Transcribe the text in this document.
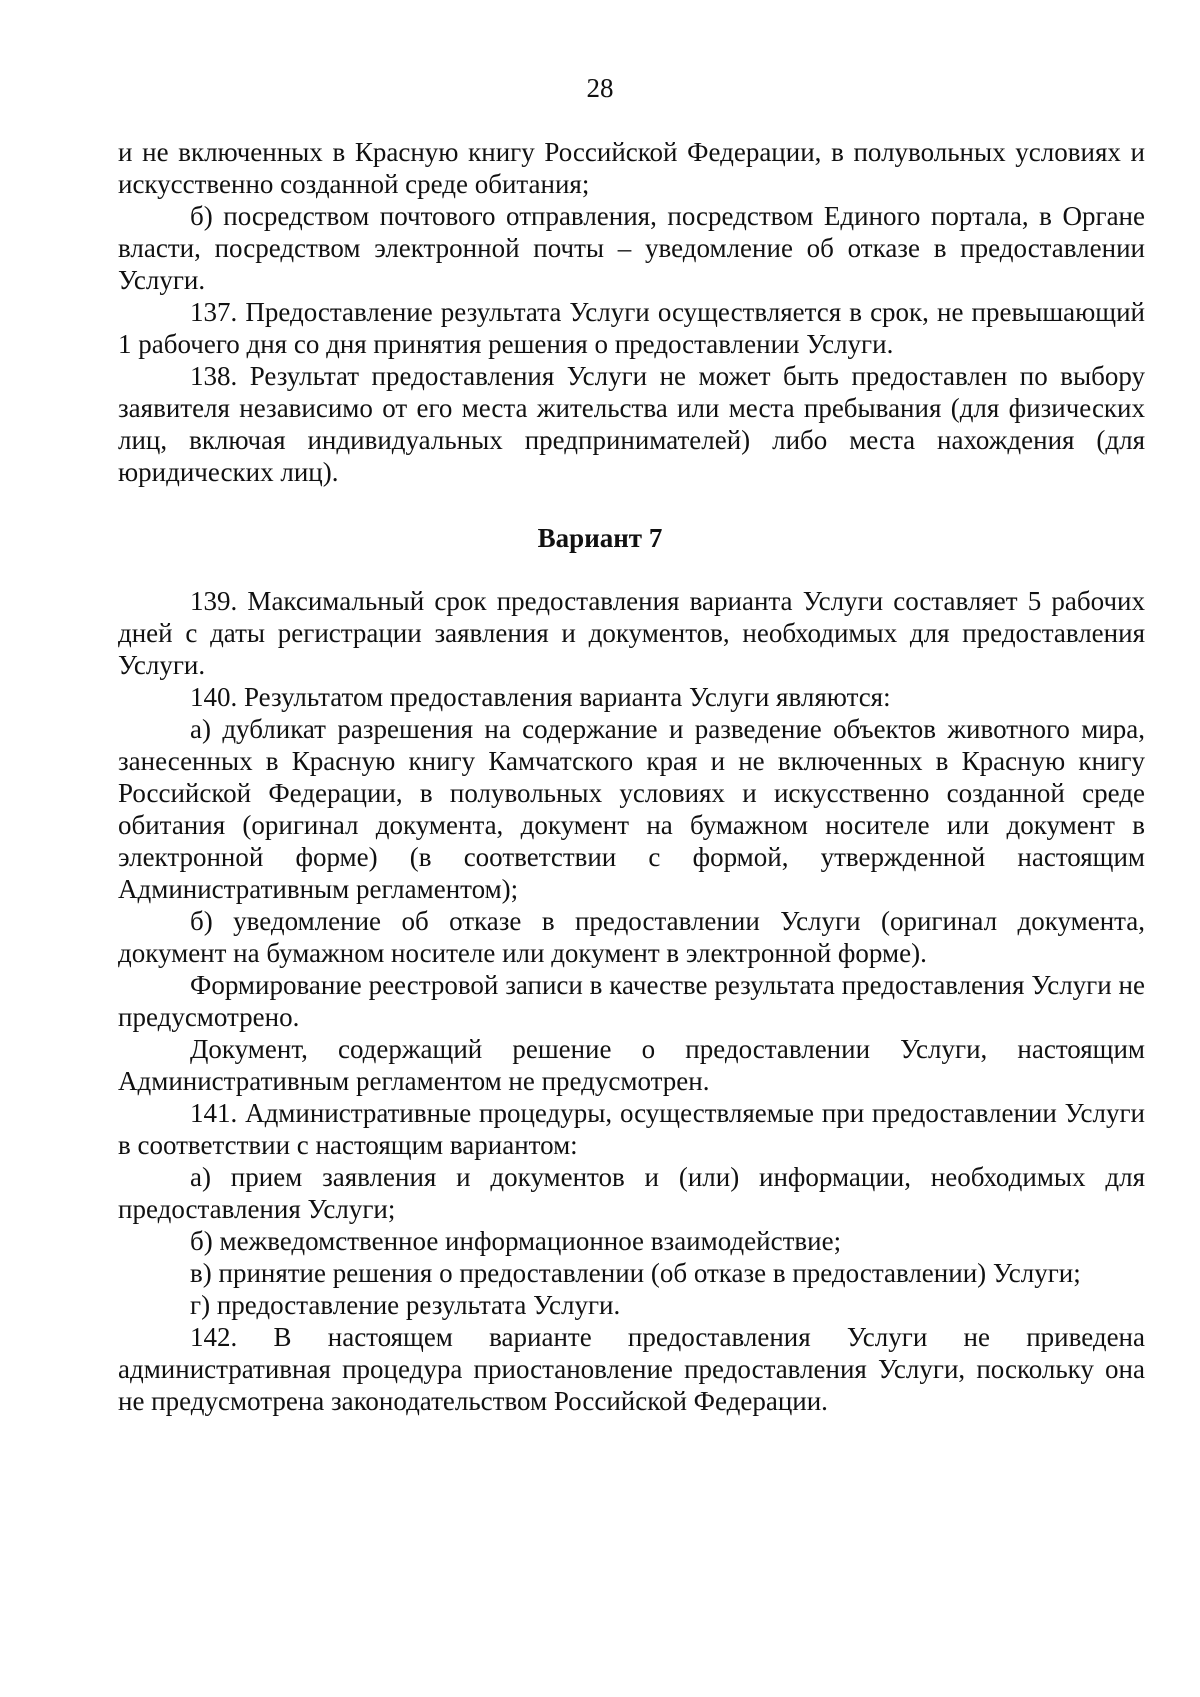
28

и не включенных в Красную книгу Российской Федерации, в полувольных условиях и искусственно созданной среде обитания;

б) посредством почтового отправления, посредством Единого портала, в Органе власти, посредством электронной почты – уведомление об отказе в предоставлении Услуги.

137. Предоставление результата Услуги осуществляется в срок, не превышающий 1 рабочего дня со дня принятия решения о предоставлении Услуги.

138. Результат предоставления Услуги не может быть предоставлен по выбору заявителя независимо от его места жительства или места пребывания (для физических лиц, включая индивидуальных предпринимателей) либо места нахождения (для юридических лиц).

Вариант 7

139. Максимальный срок предоставления варианта Услуги составляет 5 рабочих дней с даты регистрации заявления и документов, необходимых для предоставления Услуги.

140. Результатом предоставления варианта Услуги являются:

а) дубликат разрешения на содержание и разведение объектов животного мира, занесенных в Красную книгу Камчатского края и не включенных в Красную книгу Российской Федерации, в полувольных условиях и искусственно созданной среде обитания (оригинал документа, документ на бумажном носителе или документ в электронной форме) (в соответствии с формой, утвержденной настоящим Административным регламентом);

б) уведомление об отказе в предоставлении Услуги (оригинал документа, документ на бумажном носителе или документ в электронной форме).

Формирование реестровой записи в качестве результата предоставления Услуги не предусмотрено.

Документ, содержащий решение о предоставлении Услуги, настоящим Административным регламентом не предусмотрен.

141. Административные процедуры, осуществляемые при предоставлении Услуги в соответствии с настоящим вариантом:

а) прием заявления и документов и (или) информации, необходимых для предоставления Услуги;

б) межведомственное информационное взаимодействие;

в) принятие решения о предоставлении (об отказе в предоставлении) Услуги;

г) предоставление результата Услуги.

142. В настоящем варианте предоставления Услуги не приведена административная процедура приостановление предоставления Услуги, поскольку она не предусмотрена законодательством Российской Федерации.
